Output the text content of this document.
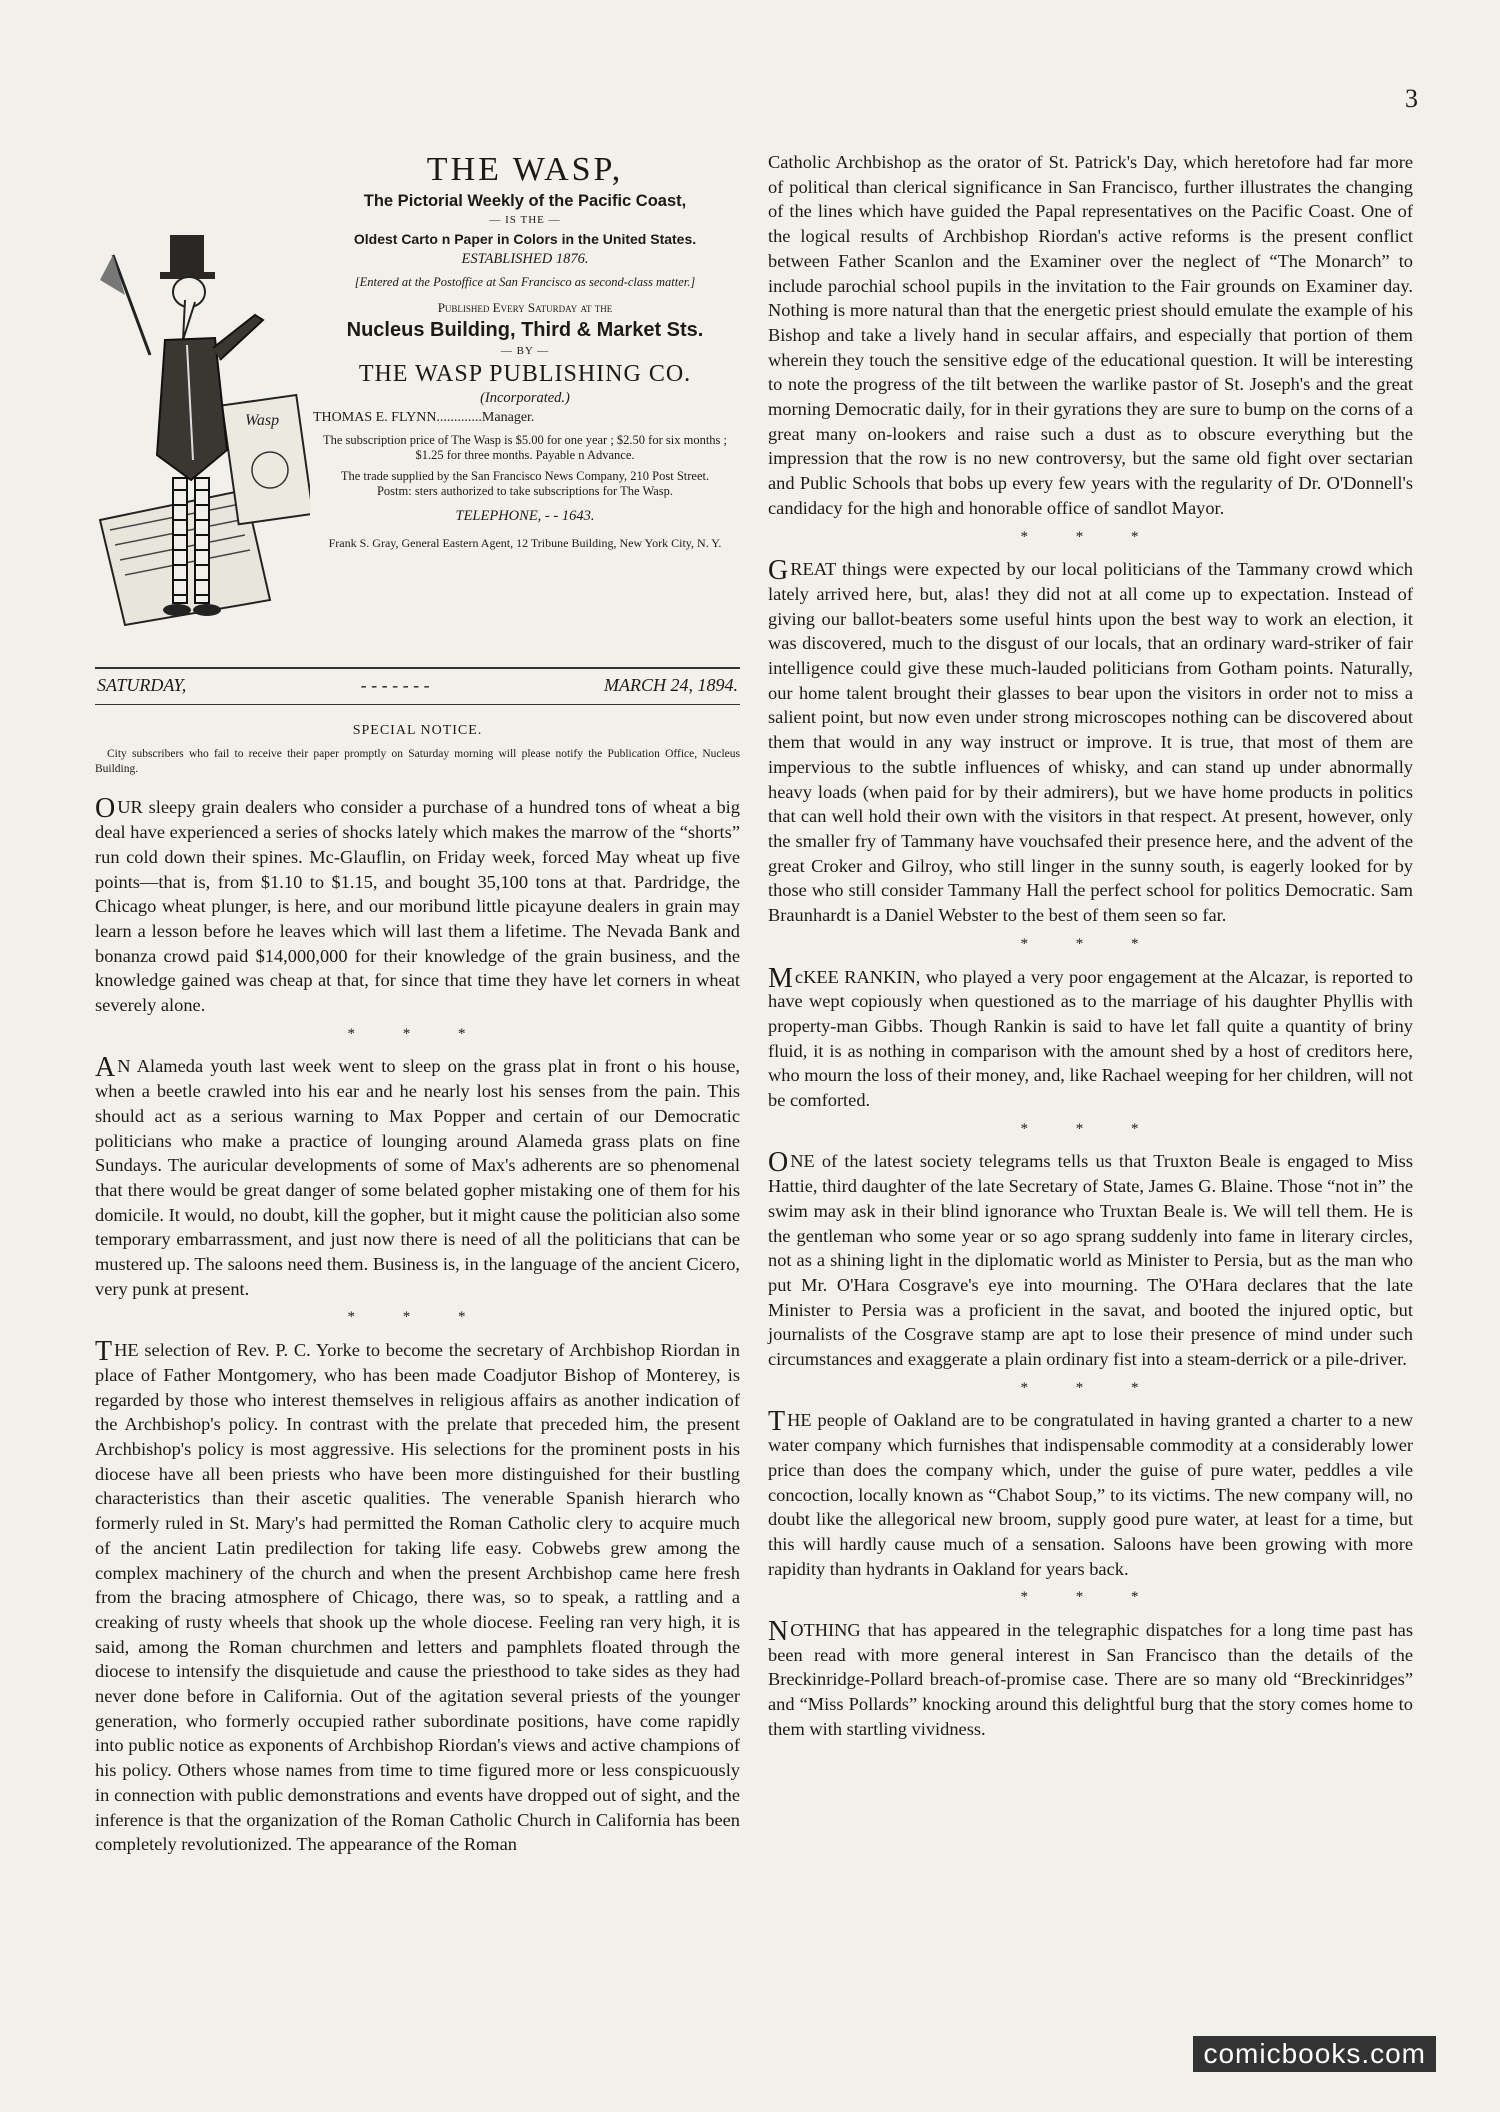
3
Wasp
THE WASP,
The Pictorial Weekly of the Pacific Coast,
— IS THE —
Oldest Carto n Paper in Colors in the United States.
ESTABLISHED 1876.
[Entered at the Postoffice at San Francisco as second-class matter.]
Published Every Saturday at the
Nucleus Building, Third & Market Sts.
— BY —
THE WASP PUBLISHING CO.
(Incorporated.)
THOMAS E. FLYNN.............Manager.
The subscription price of The Wasp is $5.00 for one year ; $2.50 for six months ; $1.25 for three months. Payable n Advance.
The trade supplied by the San Francisco News Company, 210 Post Street.
Postm: sters authorized to take subscriptions for The Wasp.
TELEPHONE, - - 1643.
Frank S. Gray, General Eastern Agent, 12 Tribune Building, New York City, N. Y.
SATURDAY,	- - - - - - -	MARCH 24, 1894.
SPECIAL NOTICE.
City subscribers who fail to receive their paper promptly on Saturday morning will please notify the Publication Office, Nucleus Building.

OUR sleepy grain dealers who consider a purchase of a hundred tons of wheat a big deal have experienced a series of shocks lately which makes the marrow of the “shorts” run cold down their spines. Mc-Glauflin, on Friday week, forced May wheat up five points—that is, from $1.10 to $1.15, and bought 35,100 tons at that. Pardridge, the Chicago wheat plunger, is here, and our moribund little picayune dealers in grain may learn a lesson before he leaves which will last them a lifetime. The Nevada Bank and bonanza crowd paid $14,000,000 for their knowledge of the grain business, and the knowledge gained was cheap at that, for since that time they have let corners in wheat severely alone.

* * *

A N Alameda youth last week went to sleep on the grass plat in front o his house, when a beetle crawled into his ear and he nearly lost his senses from the pain. This should act as a serious warning to Max Popper and certain of our Democratic politicians who make a practice of lounging around Alameda grass plats on fine Sundays. The auricular developments of some of Max's adherents are so phenomenal that there would be great danger of some belated gopher mistaking one of them for his domicile. It would, no doubt, kill the gopher, but it might cause the politician also some temporary embarrassment, and just now there is need of all the politicians that can be mustered up. The saloons need them. Business is, in the language of the ancient Cicero, very punk at present.

* * *

THE selection of Rev. P. C. Yorke to become the secretary of Archbishop Riordan in place of Father Montgomery, who has been made Coadjutor Bishop of Monterey, is regarded by those who interest themselves in religious affairs as another indication of the Archbishop's policy. In contrast with the prelate that preceded him, the present Archbishop's policy is most aggressive. His selections for the prominent posts in his diocese have all been priests who have been more distinguished for their bustling characteristics than their ascetic qualities. The venerable Spanish hierarch who formerly ruled in St. Mary's had permitted the Roman Catholic clery to acquire much of the ancient Latin predilection for taking life easy. Cobwebs grew among the complex machinery of the church and when the present Archbishop came here fresh from the bracing atmosphere of Chicago, there was, so to speak, a rattling and a creaking of rusty wheels that shook up the whole diocese. Feeling ran very high, it is said, among the Roman churchmen and letters and pamphlets floated through the diocese to intensify the disquietude and cause the priesthood to take sides as they had never done before in California. Out of the agitation several priests of the younger generation, who formerly occupied rather subordinate positions, have come rapidly into public notice as exponents of Archbishop Riordan's views and active champions of his policy. Others whose names from time to time figured more or less conspicuously in connection with public demonstrations and events have dropped out of sight, and the inference is that the organization of the Roman Catholic Church in California has been completely revolutionized. The appearance of the Roman

Catholic Archbishop as the orator of St. Patrick's Day, which heretofore had far more of political than clerical significance in San Francisco, further illustrates the changing of the lines which have guided the Papal representatives on the Pacific Coast. One of the logical results of Archbishop Riordan's active reforms is the present conflict between Father Scanlon and the Examiner over the neglect of “The Monarch” to include parochial school pupils in the invitation to the Fair grounds on Examiner day. Nothing is more natural than that the energetic priest should emulate the example of his Bishop and take a lively hand in secular affairs, and especially that portion of them wherein they touch the sensitive edge of the educational question. It will be interesting to note the progress of the tilt between the warlike pastor of St. Joseph's and the great morning Democratic daily, for in their gyrations they are sure to bump on the corns of a great many on-lookers and raise such a dust as to obscure everything but the impression that the row is no new controversy, but the same old fight over sectarian and Public Schools that bobs up every few years with the regularity of Dr. O'Donnell's candidacy for the high and honorable office of sandlot Mayor.

* * *

GREAT things were expected by our local politicians of the Tammany crowd which lately arrived here, but, alas! they did not at all come up to expectation. Instead of giving our ballot-beaters some useful hints upon the best way to work an election, it was discovered, much to the disgust of our locals, that an ordinary ward-striker of fair intelligence could give these much-lauded politicians from Gotham points. Naturally, our home talent brought their glasses to bear upon the visitors in order not to miss a salient point, but now even under strong microscopes nothing can be discovered about them that would in any way instruct or improve. It is true, that most of them are impervious to the subtle influences of whisky, and can stand up under abnormally heavy loads (when paid for by their admirers), but we have home products in politics that can well hold their own with the visitors in that respect. At present, however, only the smaller fry of Tammany have vouchsafed their presence here, and the advent of the great Croker and Gilroy, who still linger in the sunny south, is eagerly looked for by those who still consider Tammany Hall the perfect school for politics Democratic. Sam Braunhardt is a Daniel Webster to the best of them seen so far.

* * *

McKEE RANKIN, who played a very poor engagement at the Alcazar, is reported to have wept copiously when questioned as to the marriage of his daughter Phyllis with property-man Gibbs. Though Rankin is said to have let fall quite a quantity of briny fluid, it is as nothing in comparison with the amount shed by a host of creditors here, who mourn the loss of their money, and, like Rachael weeping for her children, will not be comforted.

* * *

ONE of the latest society telegrams tells us that Truxton Beale is engaged to Miss Hattie, third daughter of the late Secretary of State, James G. Blaine. Those “not in” the swim may ask in their blind ignorance who Truxtan Beale is. We will tell them. He is the gentleman who some year or so ago sprang suddenly into fame in literary circles, not as a shining light in the diplomatic world as Minister to Persia, but as the man who put Mr. O'Hara Cosgrave's eye into mourning. The O'Hara declares that the late Minister to Persia was a proficient in the savat, and booted the injured optic, but journalists of the Cosgrave stamp are apt to lose their presence of mind under such circumstances and exaggerate a plain ordinary fist into a steam-derrick or a pile-driver.

* * *

THE people of Oakland are to be congratulated in having granted a charter to a new water company which furnishes that indispensable commodity at a considerably lower price than does the company which, under the guise of pure water, peddles a vile concoction, locally known as “Chabot Soup,” to its victims. The new company will, no doubt like the allegorical new broom, supply good pure water, at least for a time, but this will hardly cause much of a sensation. Saloons have been growing with more rapidity than hydrants in Oakland for years back.

* * *

NOTHING that has appeared in the telegraphic dispatches for a long time past has been read with more general interest in San Francisco than the details of the Breckinridge-Pollard breach-of-promise case. There are so many old “Breckinridges” and “Miss Pollards” knocking around this delightful burg that the story comes home to them with startling vividness.

comicbooks.com
